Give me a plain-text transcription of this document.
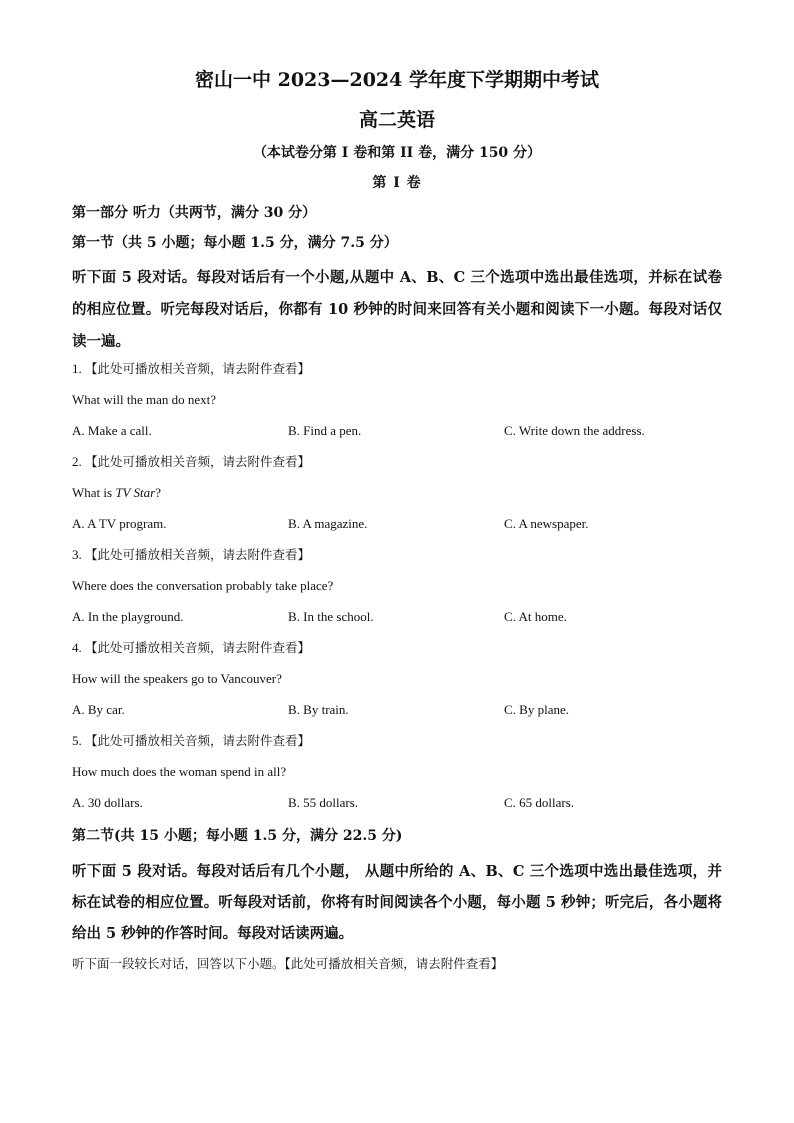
密山一中 2023—2024 学年度下学期期中考试
高二英语
（本试卷分第 I 卷和第 II 卷，满分 150 分）
第 I 卷
第一部分 听力（共两节，满分 30 分）
第一节（共 5 小题；每小题 1.5 分，满分 7.5 分）
听下面 5 段对话。每段对话后有一个小题,从题中 A、B、C 三个选项中选出最佳选项，并标在试卷的相应位置。听完每段对话后，你都有 10 秒钟的时间来回答有关小题和阅读下一小题。每段对话仅读一遍。
1. 【此处可播放相关音频，请去附件查看】
What will the man do next?
A. Make a call.	B. Find a pen.	C. Write down the address.
2. 【此处可播放相关音频，请去附件查看】
What is TV Star?
A. A TV program.	B. A magazine.	C. A newspaper.
3. 【此处可播放相关音频，请去附件查看】
Where does the conversation probably take place?
A. In the playground.	B. In the school.	C. At home.
4. 【此处可播放相关音频，请去附件查看】
How will the speakers go to Vancouver?
A. By car.	B. By train.	C. By plane.
5. 【此处可播放相关音频，请去附件查看】
How much does the woman spend in all?
A. 30 dollars.	B. 55 dollars.	C. 65 dollars.
第二节(共 15 小题；每小题 1.5 分，满分 22.5 分)
听下面 5 段对话。每段对话后有几个小题， 从题中所给的 A、B、C 三个选项中选出最佳选项，并标在试卷的相应位置。听每段对话前，你将有时间阅读各个小题，每小题 5 秒钟；听完后，各小题将给出 5 秒钟的作答时间。每段对话读两遍。
听下面一段较长对话，回答以下小题。【此处可播放相关音频，请去附件查看】
